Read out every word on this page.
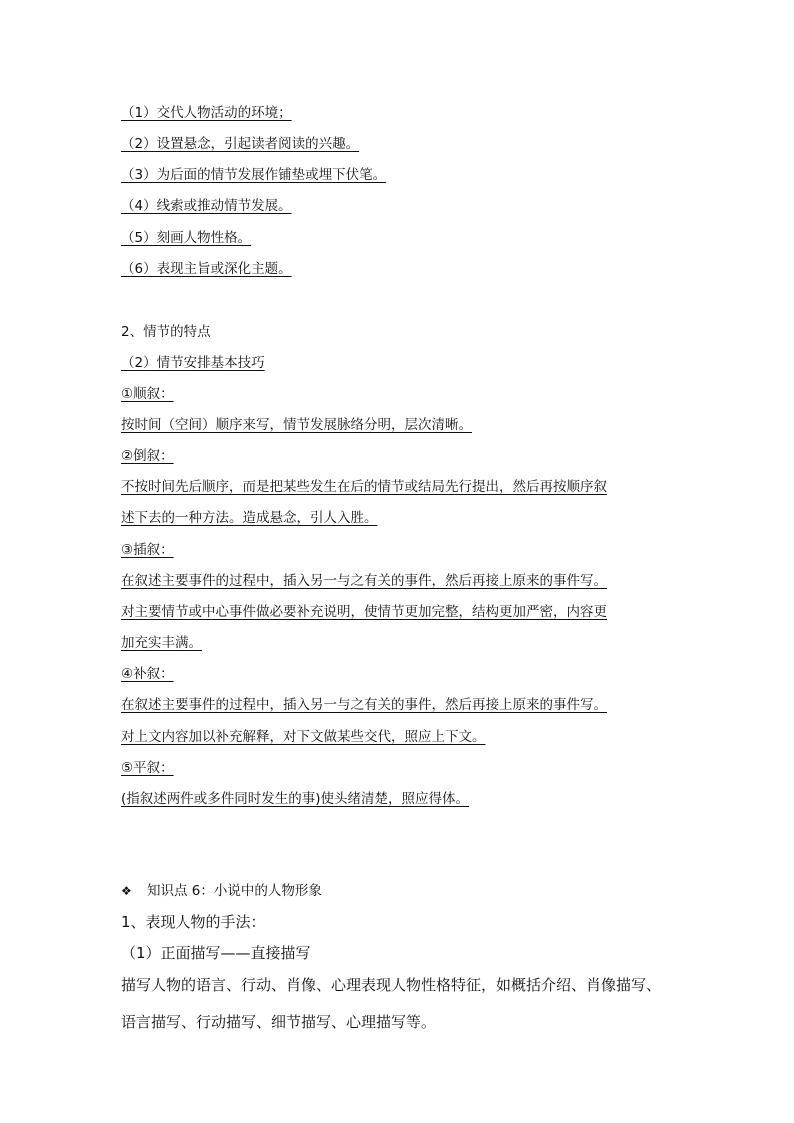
（1）交代人物活动的环境；
（2）设置悬念，引起读者阅读的兴趣。
（3）为后面的情节发展作铺垫或埋下伏笔。
（4）线索或推动情节发展。
（5）刻画人物性格。
（6）表现主旨或深化主题。
2、情节的特点
（2）情节安排基本技巧
①顺叙：
按时间（空间）顺序来写，情节发展脉络分明，层次清晰。
②倒叙：
不按时间先后顺序，而是把某些发生在后的情节或结局先行提出，然后再按顺序叙
述下去的一种方法。造成悬念，引人入胜。
③插叙：
在叙述主要事件的过程中，插入另一与之有关的事件，然后再接上原来的事件写。
对主要情节或中心事件做必要补充说明，使情节更加完整，结构更加严密，内容更
加充实丰满。
④补叙：
在叙述主要事件的过程中，插入另一与之有关的事件，然后再接上原来的事件写。
对上文内容加以补充解释，对下文做某些交代，照应上下文。
⑤平叙：
(指叙述两件或多件同时发生的事)使头绪清楚，照应得体。
❖ 知识点 6：小说中的人物形象
1、表现人物的手法：
（1）正面描写——直接描写
描写人物的语言、行动、肖像、心理表现人物性格特征，如概括介绍、肖像描写、
语言描写、行动描写、细节描写、心理描写等。
